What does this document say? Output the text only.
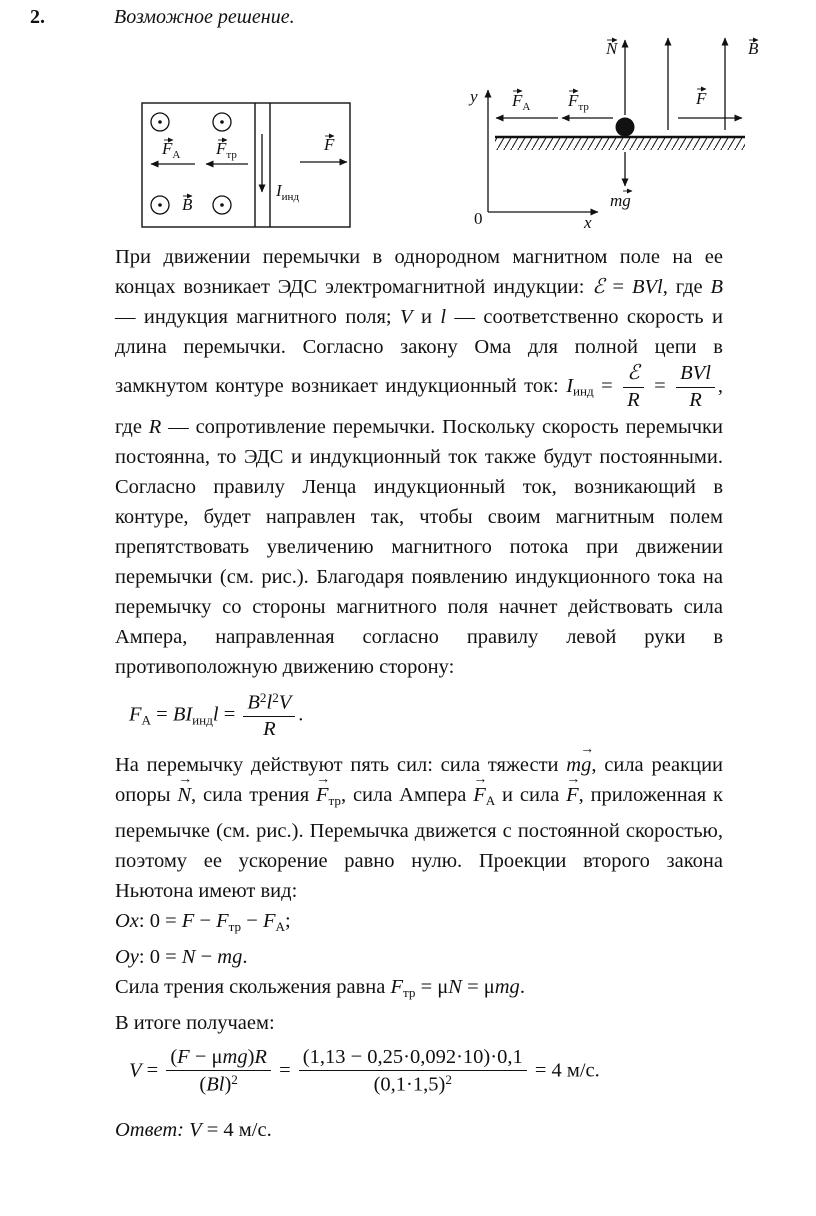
2.	Возможное решение.
$F_А$ $F_{тр}$
F
B
$I_{инд}$
y
0	x
N	B
$F_А$ $F_{тр}$	F
mg
При движении перемычки в однородном магнитном поле на ее концах возникает ЭДС электромагнитной индукции: ℰ = BVl, где B — индукция магнитного поля; V и l — соответственно скорость и длина перемычки. Согласно закону Ома для полной цепи в замкнутом контуре возникает индукционный ток: Iинд = $\frac{\text{ℰ}}{R} = \frac{\text{BVl}}{R}$ , где R — сопротивление перемычки. Поскольку скорость перемычки постоянна, то ЭДС и индукционный ток также будут постоянными. Согласно правилу Ленца индукционный ток, возникающий в контуре, будет направлен так, чтобы своим магнитным полем препятствовать увеличению магнитного потока при движении перемычки (см. рис.). Благодаря появлению индукционного тока на перемычку со стороны магнитного поля начнет действовать сила Ампера, направленная согласно правилу левой руки в противоположную движению сторону:
FА = BIиндl = $\frac{B^2l^2V}{R}$ .
На перемычку действуют пять сил: сила тяжести m
→
g, сила реакции опоры
→
N, сила трения
→
Fтр, сила Ампера
→
FА и сила
→
F, приложенная к перемычке (см. рис.). Перемычка движется с постоянной скоростью, поэтому ее ускорение равно нулю. Проекции второго закона Ньютона имеют вид:
Ox: 0 = F − Fтр − FА;
Oy: 0 = N − mg.
Сила трения скольжения равна Fтр = μN = μmg.
В итоге получаем:
$V = \frac{\text{(F − μmg)R}}{(Bl)^2} = \frac{(1,13 - 0,25\cdot 0,092\cdot 10)\cdot 0,1}{(0,1\cdot 1,5)^2} = 4$ м/с.
Ответ: V = 4 м/с.
